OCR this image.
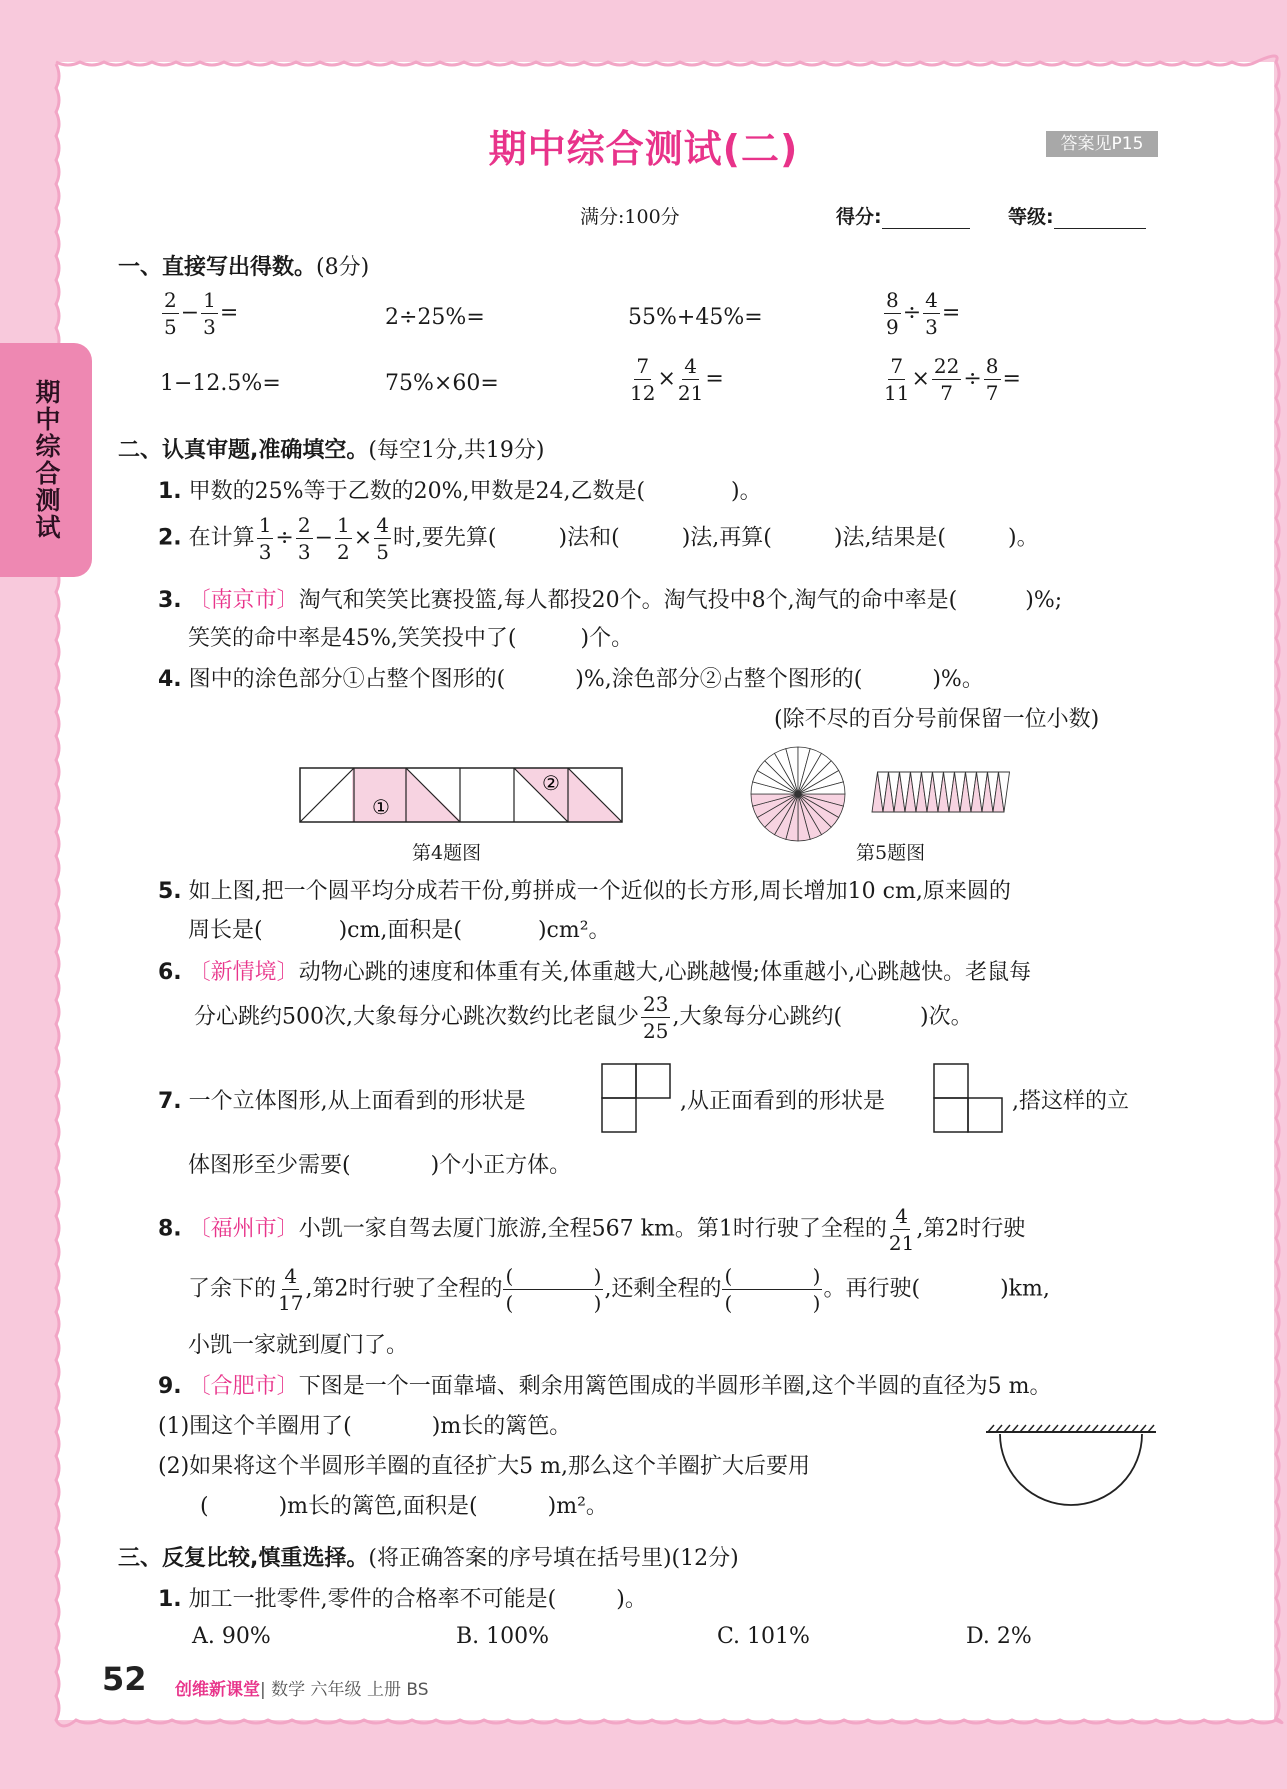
期中综合测试
期中综合测试(二)	答案见P15
满分:100分	得分:	等级:
一、直接写出得数。(8分)
$\frac{2}{5} - \frac{1}{3}$ =	2÷25%=	55%+45%=	$\frac{8}{9} \div \frac{4}{3}$ =
1−12.5%=	75%×60=	$\frac{7}{12} \times \frac{4}{21}$ =	$\frac{7}{11} \times \frac{22}{7} \div \frac{8}{7}$ =
二、认真审题,准确填空。(每空1分,共19分)
1. 甲数的25%等于乙数的20%,甲数是24,乙数是(	)。
2. 在计算 $\frac{1}{3} \div \frac{2}{3} - \frac{1}{2} \times \frac{4}{5}$ 时,要先算(	)法和(	)法,再算(	)法,结果是(	)。
3. 〔南京市〕淘气和笑笑比赛投篮,每人都投20个。淘气投中8个,淘气的命中率是(	)%;
笑笑的命中率是45%,笑笑投中了(	)个。
4. 图中的涂色部分①占整个图形的(	)%,涂色部分②占整个图形的(	)%。
(除不尽的百分号前保留一位小数)
①
②
第4题图	第5题图
5. 如上图,把一个圆平均分成若干份,剪拼成一个近似的长方形,周长增加10 cm,原来圆的
周长是(	)cm,面积是(	)cm²。
6. 〔新情境〕动物心跳的速度和体重有关,体重越大,心跳越慢;体重越小,心跳越快。老鼠每
分心跳约500次,大象每分心跳次数约比老鼠少 $\frac{23}{25}$ ,大象每分心跳约(	)次。
7. 一个立体图形,从上面看到的形状是	,从正面看到的形状是	,搭这样的立
体图形至少需要(	)个小正方体。
8. 〔福州市〕小凯一家自驾去厦门旅游,全程567 km。第1时行驶了全程的 $\frac{4}{21}$ ,第2时行驶
了余下的 $\frac{4}{17}$ ,第2时行驶了全程的 (	)
(	) ,还剩全程的 (	)
(	) 。再行驶(	)km,
小凯一家就到厦门了。
9. 〔合肥市〕下图是一个一面靠墙、剩余用篱笆围成的半圆形羊圈,这个半圆的直径为5 m。
(1)围这个羊圈用了(	)m长的篱笆。
(2)如果将这个半圆形羊圈的直径扩大5 m,那么这个羊圈扩大后要用
(	)m长的篱笆,面积是(	)m²。
三、反复比较,慎重选择。(将正确答案的序号填在括号里)(12分)
1. 加工一批零件,零件的合格率不可能是(	)。
A. 90%	B. 100%	C. 101%	D. 2%
52 创维新课堂| 数学 六年级 上册 BS
